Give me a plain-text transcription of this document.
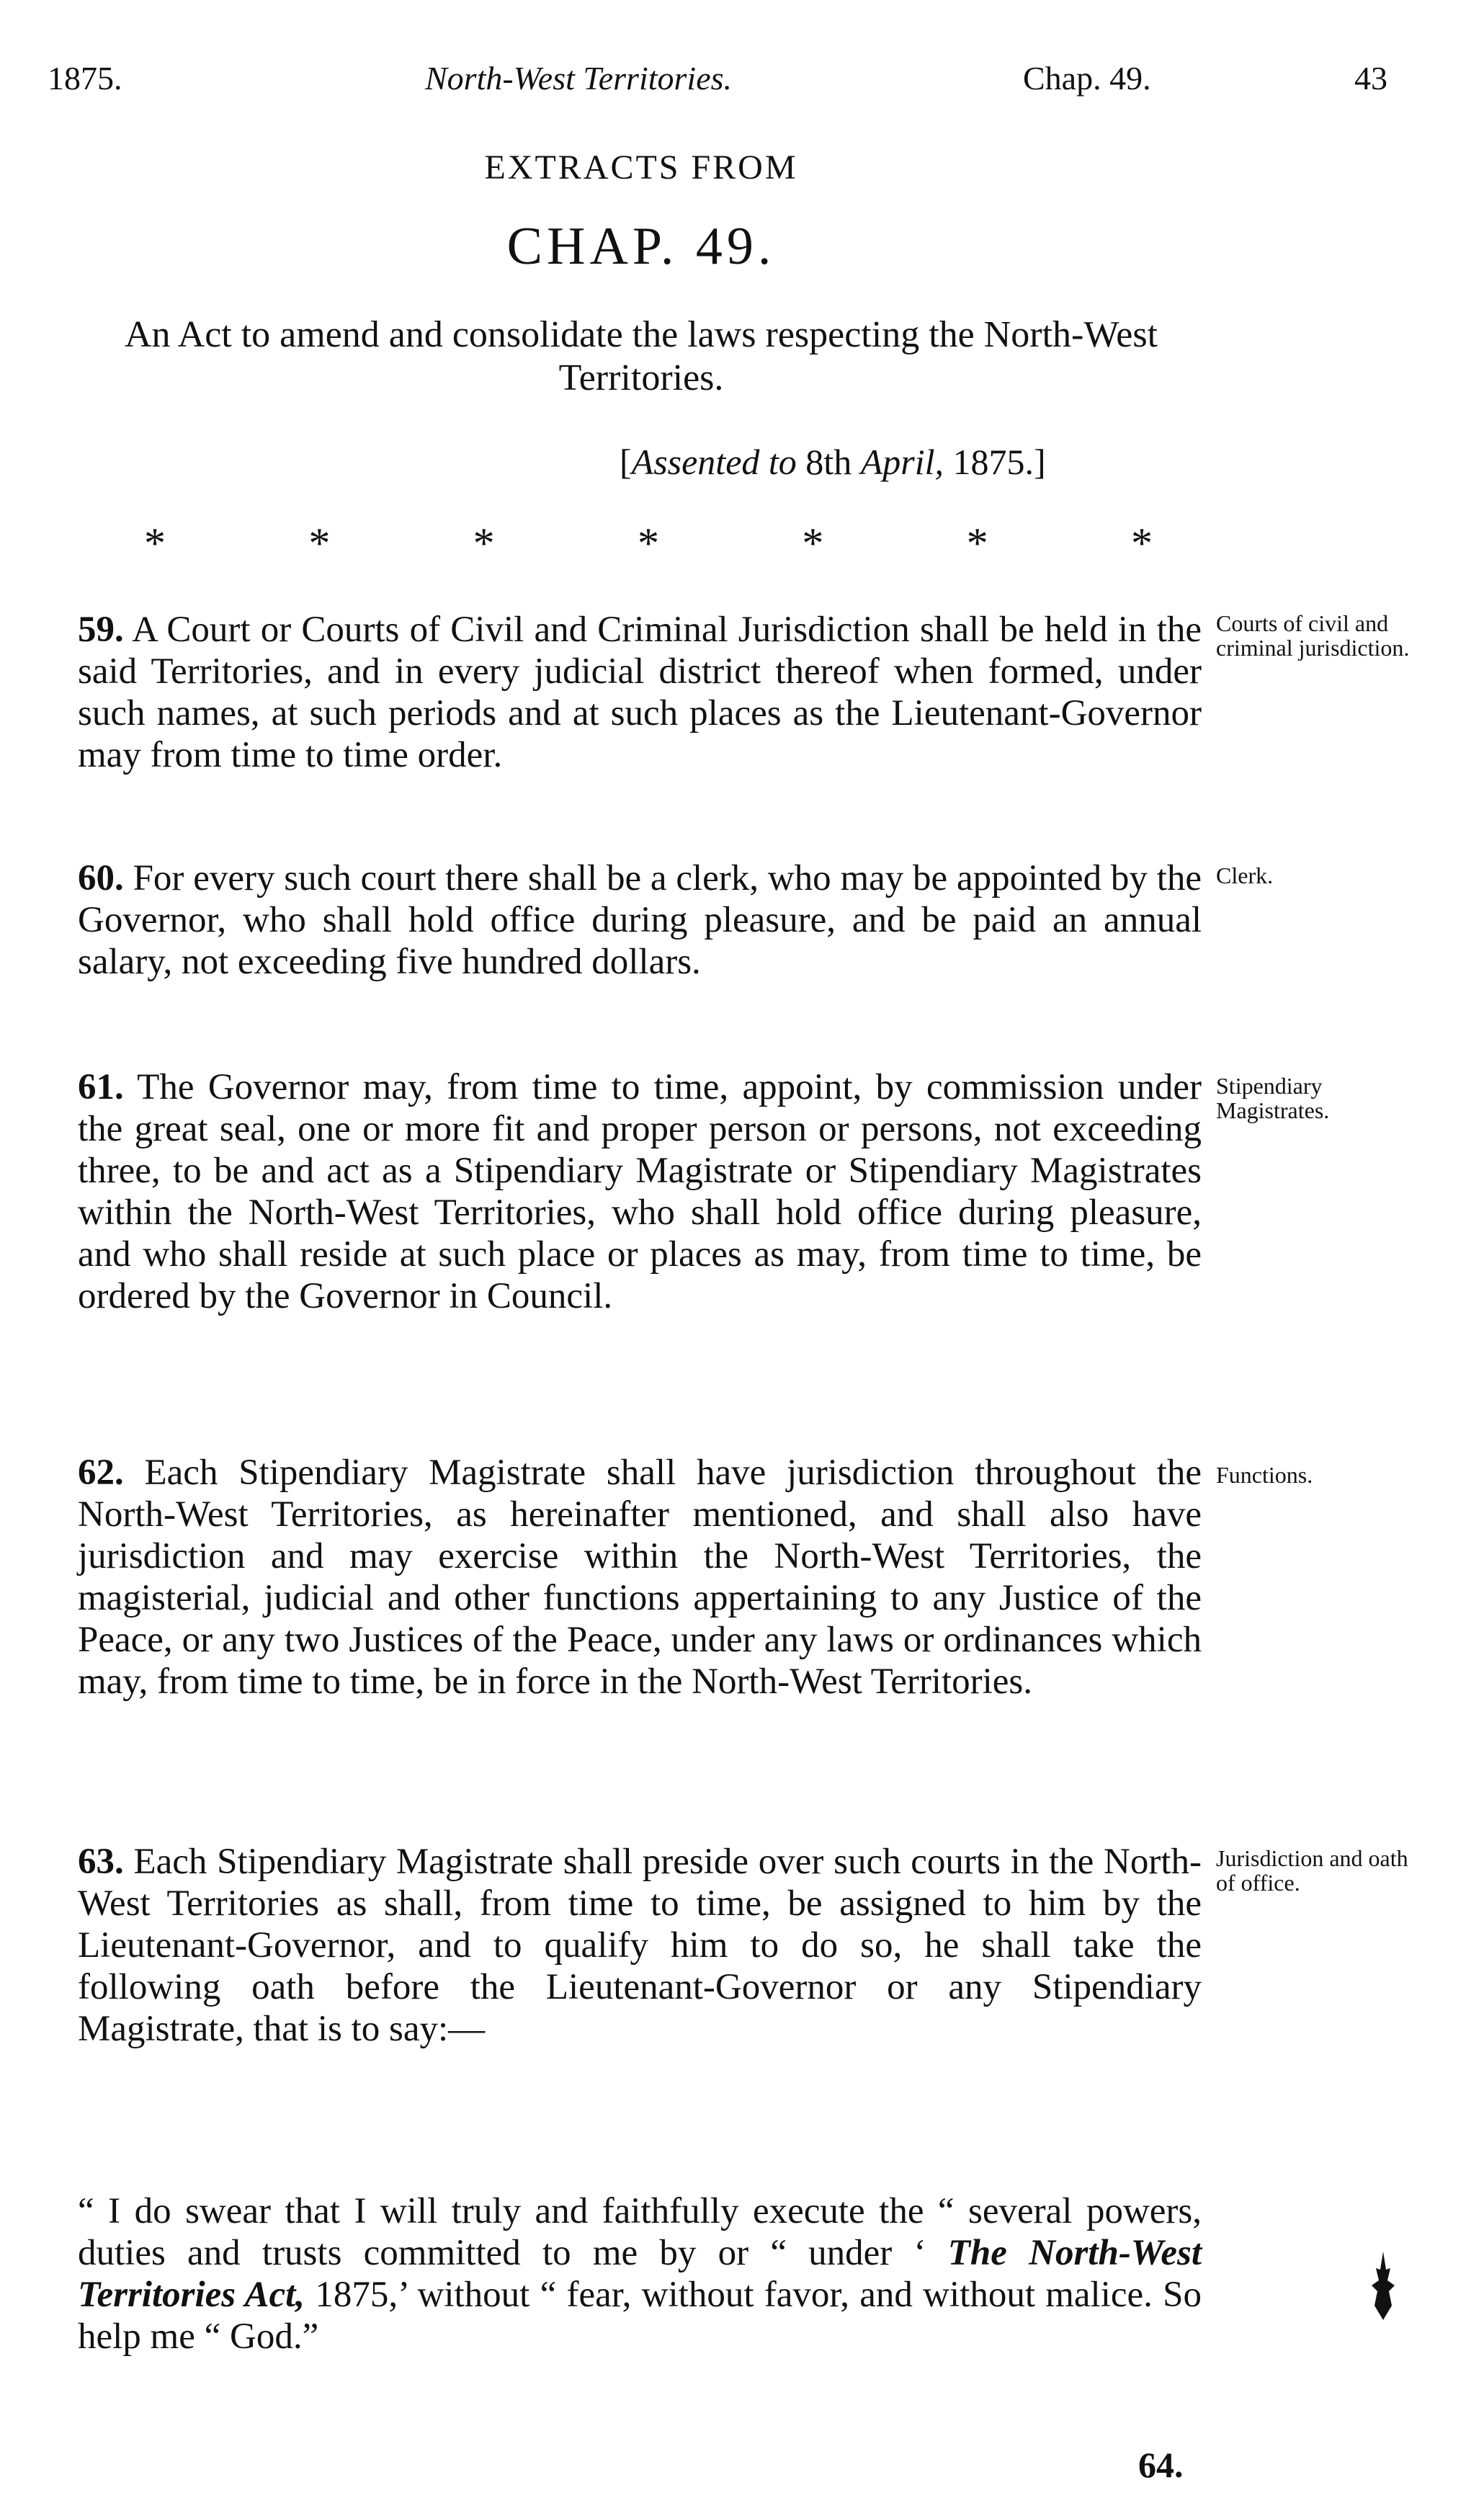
1875.	North-West Territories.	Chap. 49.	43
EXTRACTS FROM
CHAP. 49.
An Act to amend and consolidate the laws respecting the North-West Territories.
[Assented to 8th April, 1875.]
*	*	*	*	*	*	*
59. A Court or Courts of Civil and Criminal Jurisdiction shall be held in the said Territories, and in every judicial district thereof when formed, under such names, at such periods and at such places as the Lieutenant-Governor may from time to time order.
Courts of civil and criminal jurisdiction.
60. For every such court there shall be a clerk, who may be appointed by the Governor, who shall hold office during pleasure, and be paid an annual salary, not exceeding five hundred dollars.
Clerk.
61. The Governor may, from time to time, appoint, by commission under the great seal, one or more fit and proper person or persons, not exceeding three, to be and act as a Stipendiary Magistrate or Stipendiary Magistrates within the North-West Territories, who shall hold office during pleasure, and who shall reside at such place or places as may, from time to time, be ordered by the Governor in Council.
Stipendiary Magistrates.
62. Each Stipendiary Magistrate shall have jurisdiction throughout the North-West Territories, as hereinafter mentioned, and shall also have jurisdiction and may exercise within the North-West Territories, the magisterial, judicial and other functions appertaining to any Justice of the Peace, or any two Justices of the Peace, under any laws or ordinances which may, from time to time, be in force in the North-West Territories.
Functions.
63. Each Stipendiary Magistrate shall preside over such courts in the North-West Territories as shall, from time to time, be assigned to him by the Lieutenant-Governor, and to qualify him to do so, he shall take the following oath before the Lieutenant-Governor or any Stipendiary Magistrate, that is to say:—
Jurisdiction and oath of office.
“ I do swear that I will truly and faithfully execute the “ several powers, duties and trusts committed to me by or “ under ‘ The North-West Territories Act, 1875,’ without “ fear, without favor, and without malice. So help me “ God.”
64.
